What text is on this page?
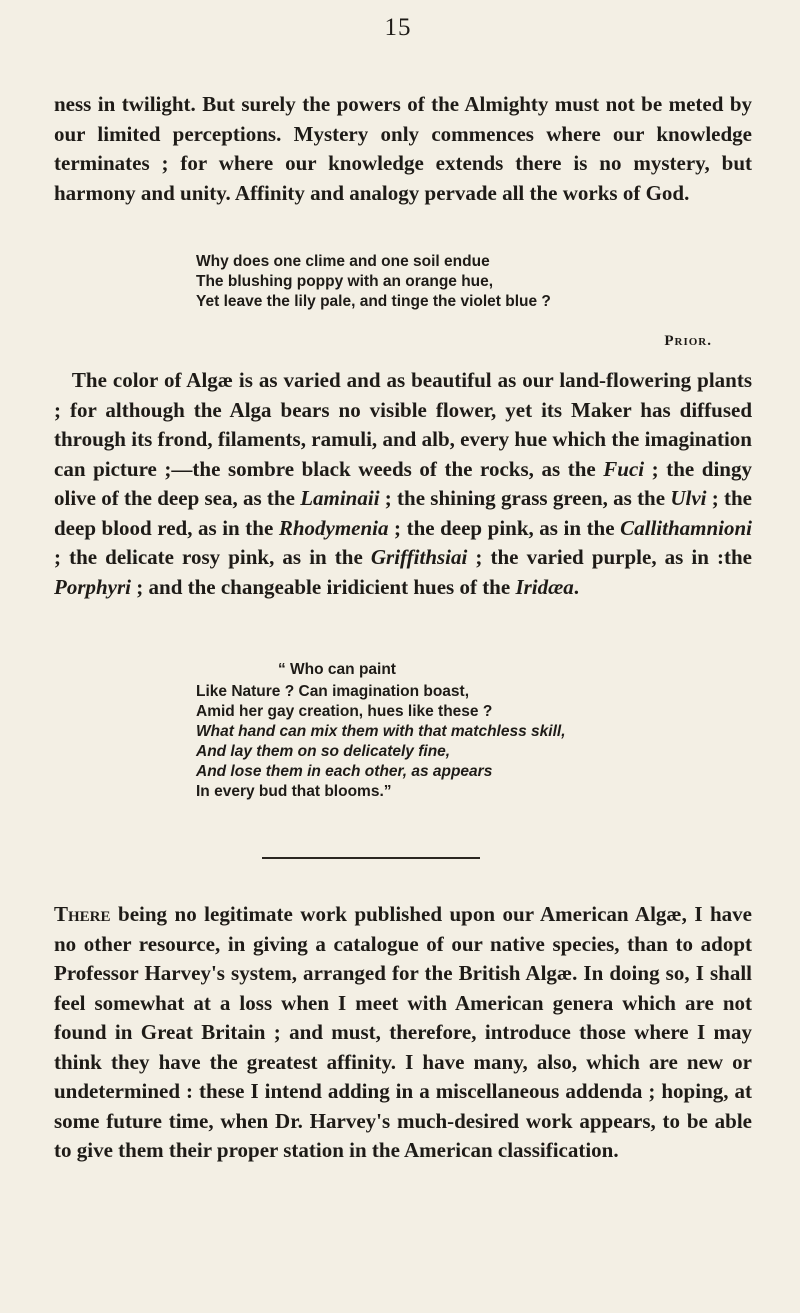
15

ness in twilight. But surely the powers of the Almighty must not be meted by our limited perceptions. Mystery only commences where our knowledge terminates ; for where our knowledge extends there is no mystery, but harmony and unity. Affinity and analogy pervade all the works of God.

Why does one clime and one soil endue
The blushing poppy with an orange hue,
Yet leave the lily pale, and tinge the violet blue ?
Prior.

The color of Algæ is as varied and as beautiful as our land-flowering plants ; for although the Alga bears no visible flower, yet its Maker has diffused through its frond, filaments, ramuli, and alb, every hue which the imagination can picture ;—the sombre black weeds of the rocks, as the Fuci ; the dingy olive of the deep sea, as the Laminaii ; the shining grass green, as the Ulvi ; the deep blood red, as in the Rhodymenia ; the deep pink, as in the Callithamnioni ; the delicate rosy pink, as in the Griffithsiai ; the varied purple, as in :the Porphyri ; and the changeable iridicient hues of the Iridæa.

“ Who can paint
Like Nature ? Can imagination boast,
Amid her gay creation, hues like these ?
What hand can mix them with that matchless skill,
And lay them on so delicately fine,
And lose them in each other, as appears
In every bud that blooms.”

There being no legitimate work published upon our American Algæ, I have no other resource, in giving a catalogue of our native species, than to adopt Professor Harvey's system, arranged for the British Algæ. In doing so, I shall feel somewhat at a loss when I meet with American genera which are not found in Great Britain ; and must, therefore, introduce those where I may think they have the greatest affinity. I have many, also, which are new or undetermined : these I intend adding in a miscellaneous addenda ; hoping, at some future time, when Dr. Harvey's much-desired work appears, to be able to give them their proper station in the American classification.
